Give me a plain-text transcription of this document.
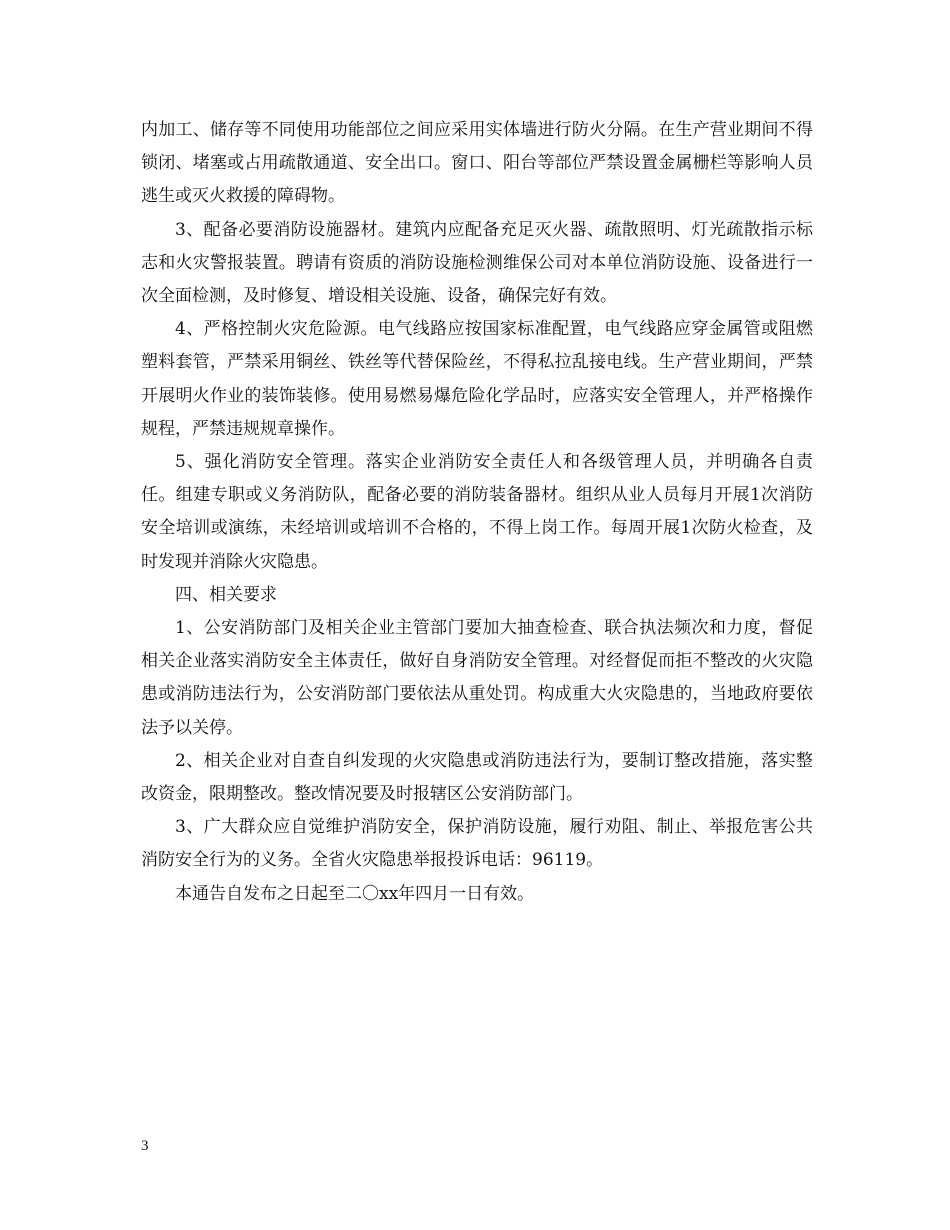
内加工、储存等不同使用功能部位之间应采用实体墙进行防火分隔。在生产营业期间不得锁闭、堵塞或占用疏散通道、安全出口。窗口、阳台等部位严禁设置金属栅栏等影响人员逃生或灭火救援的障碍物。

3、配备必要消防设施器材。建筑内应配备充足灭火器、疏散照明、灯光疏散指示标志和火灾警报装置。聘请有资质的消防设施检测维保公司对本单位消防设施、设备进行一次全面检测，及时修复、增设相关设施、设备，确保完好有效。

4、严格控制火灾危险源。电气线路应按国家标准配置，电气线路应穿金属管或阻燃塑料套管，严禁采用铜丝、铁丝等代替保险丝，不得私拉乱接电线。生产营业期间，严禁开展明火作业的装饰装修。使用易燃易爆危险化学品时，应落实安全管理人，并严格操作规程，严禁违规规章操作。

5、强化消防安全管理。落实企业消防安全责任人和各级管理人员，并明确各自责任。组建专职或义务消防队，配备必要的消防装备器材。组织从业人员每月开展1次消防安全培训或演练，未经培训或培训不合格的，不得上岗工作。每周开展1次防火检查，及时发现并消除火灾隐患。

四、相关要求

1、公安消防部门及相关企业主管部门要加大抽查检查、联合执法频次和力度，督促相关企业落实消防安全主体责任，做好自身消防安全管理。对经督促而拒不整改的火灾隐患或消防违法行为，公安消防部门要依法从重处罚。构成重大火灾隐患的，当地政府要依法予以关停。

2、相关企业对自查自纠发现的火灾隐患或消防违法行为，要制订整改措施，落实整改资金，限期整改。整改情况要及时报辖区公安消防部门。

3、广大群众应自觉维护消防安全，保护消防设施，履行劝阻、制止、举报危害公共消防安全行为的义务。全省火灾隐患举报投诉电话：96119。

本通告自发布之日起至二〇xx年四月一日有效。

3
